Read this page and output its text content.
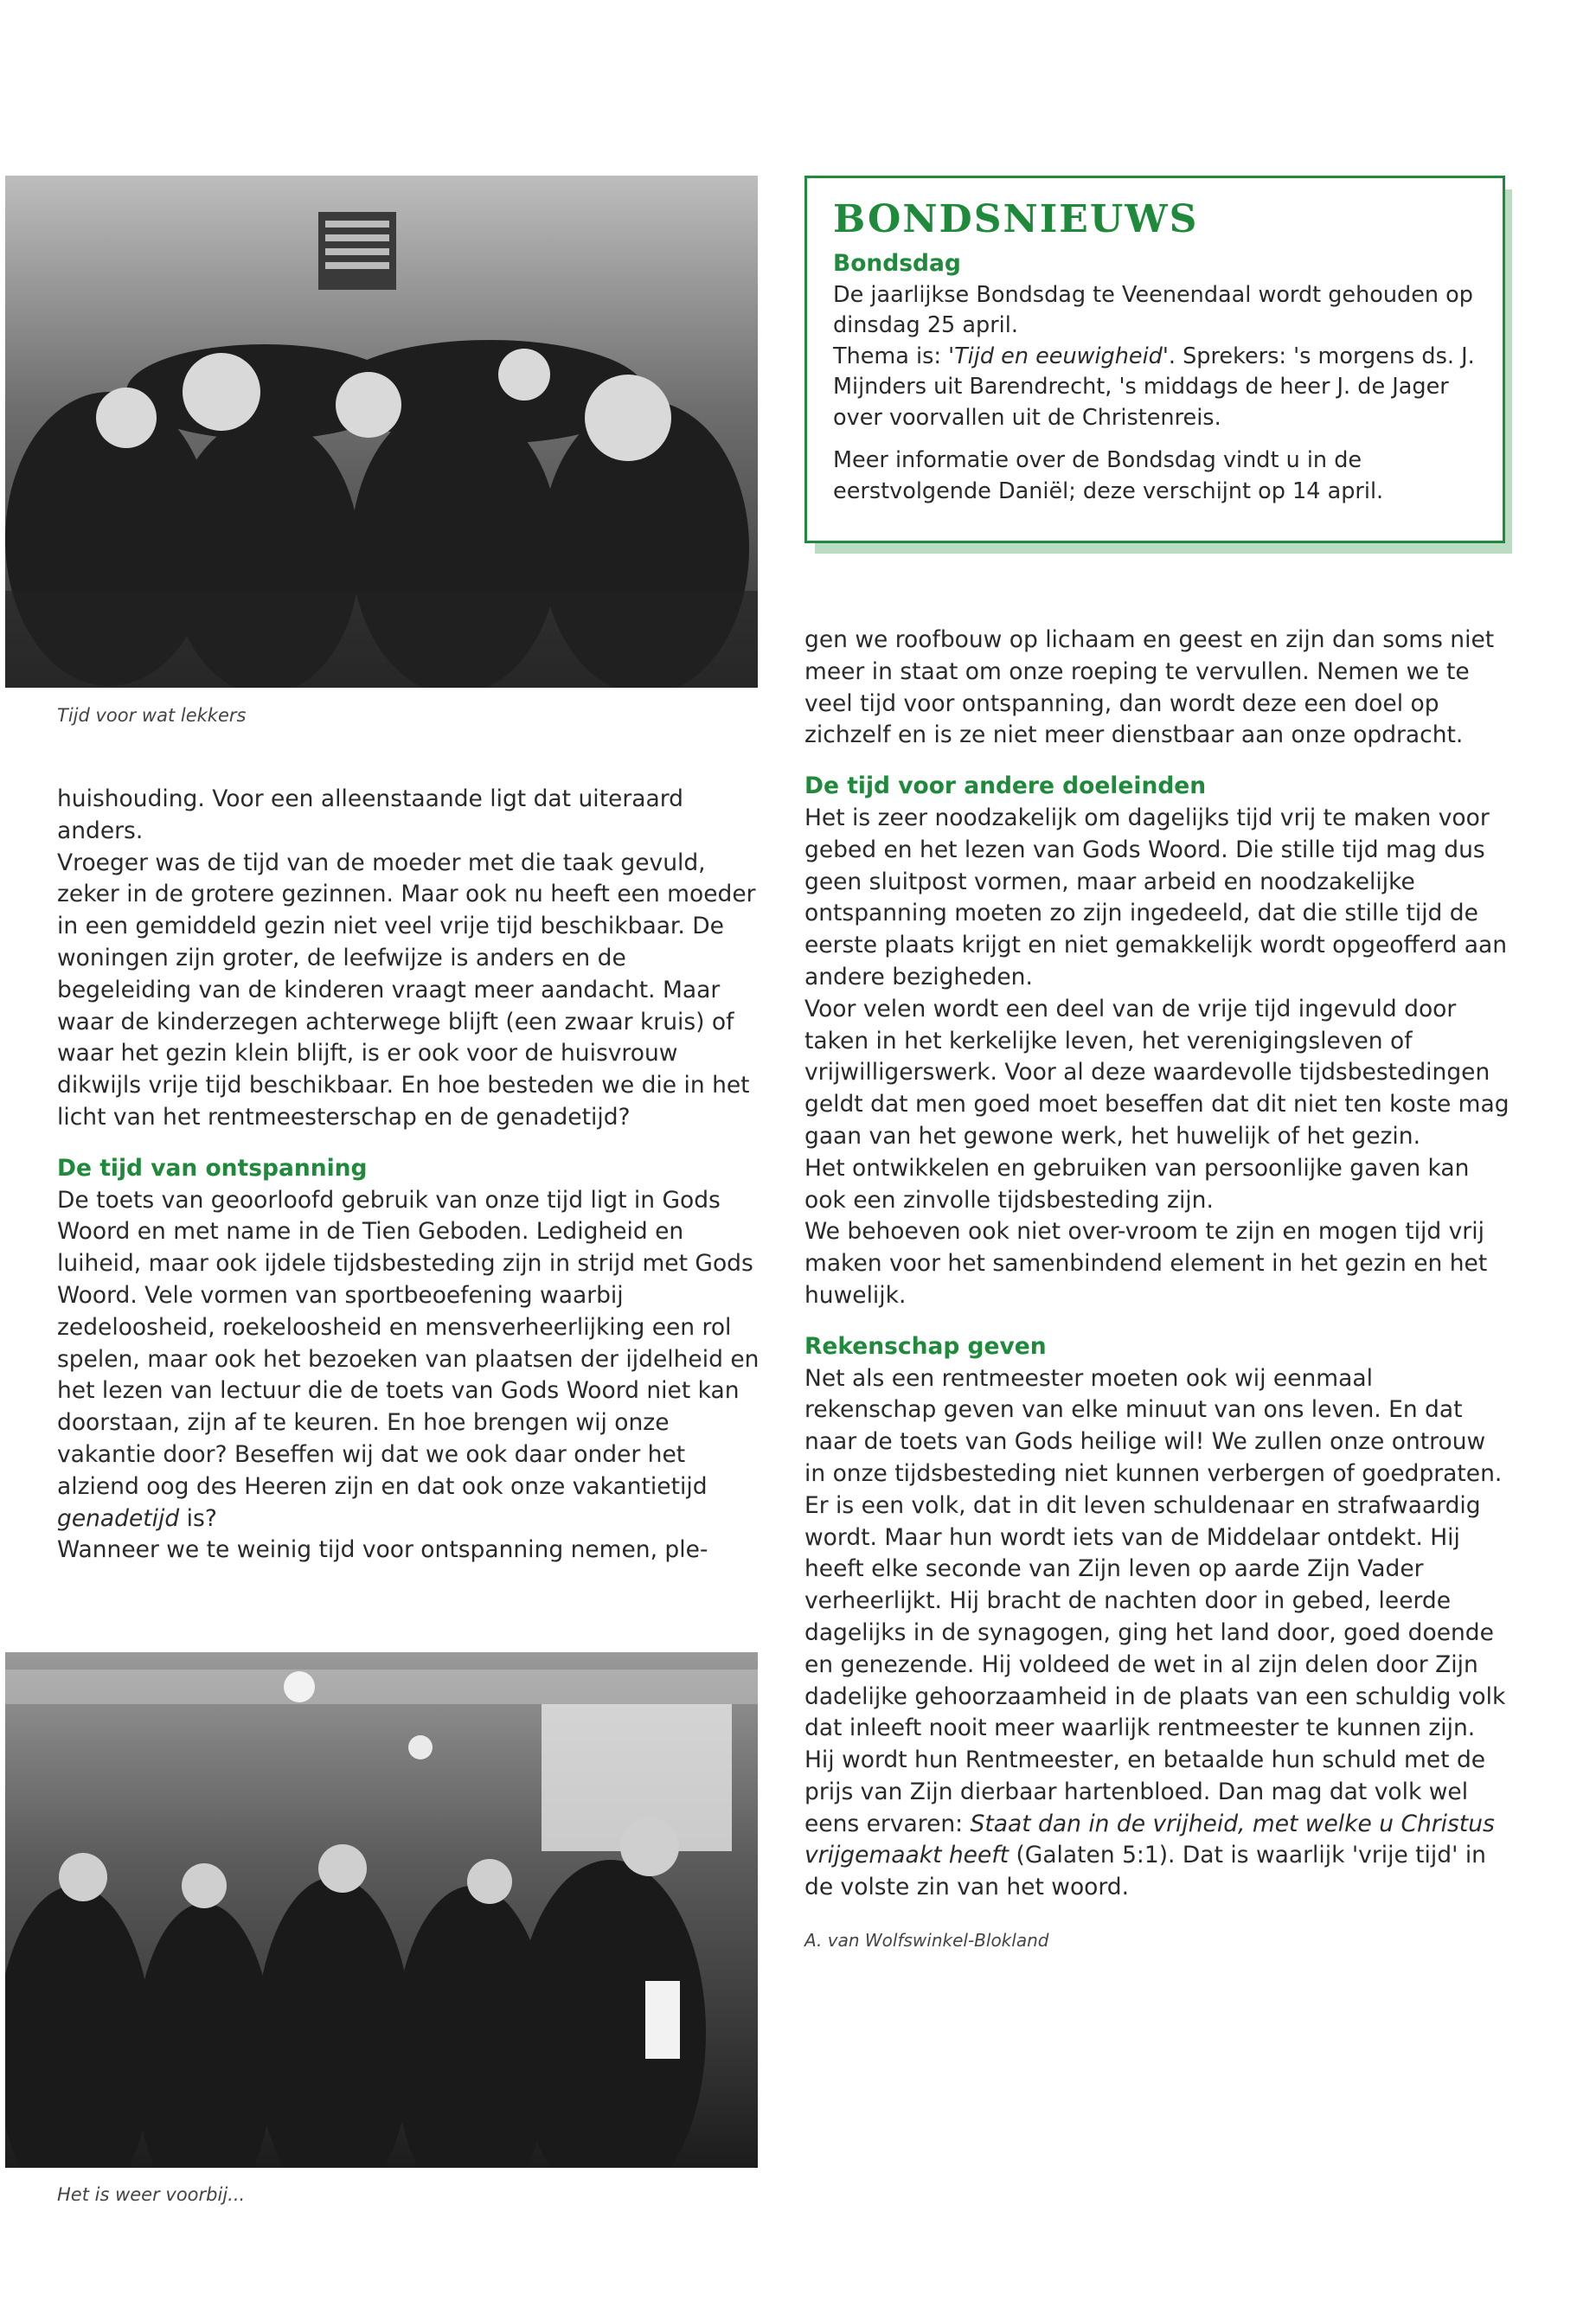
Tijd voor wat lekkers
BONDSNIEUWS
Bondsdag

De jaarlijkse Bondsdag te Veenendaal wordt gehouden op dinsdag 25 april.

Thema is: 'Tijd en eeuwigheid'. Sprekers: 's morgens ds. J. Mijnders uit Barendrecht, 's middags de heer J. de Jager over voorvallen uit de Christenreis.

Meer informatie over de Bondsdag vindt u in de eerstvolgende Daniël; deze verschijnt op 14 april.

huishouding. Voor een alleenstaande ligt dat uiteraard anders.

Vroeger was de tijd van de moeder met die taak gevuld, zeker in de grotere gezinnen. Maar ook nu heeft een moeder in een gemiddeld gezin niet veel vrije tijd beschikbaar. De woningen zijn groter, de leefwijze is anders en de begeleiding van de kinderen vraagt meer aandacht. Maar waar de kinderzegen achterwege blijft (een zwaar kruis) of waar het gezin klein blijft, is er ook voor de huisvrouw dikwijls vrije tijd beschikbaar. En hoe besteden we die in het licht van het rentmeesterschap en de genadetijd?

De tijd van ontspanning

De toets van geoorloofd gebruik van onze tijd ligt in Gods Woord en met name in de Tien Geboden. Ledigheid en luiheid, maar ook ijdele tijdsbesteding zijn in strijd met Gods Woord. Vele vormen van sportbeoefening waarbij zedeloosheid, roekeloosheid en mensverheerlijking een rol spelen, maar ook het bezoeken van plaatsen der ijdelheid en het lezen van lectuur die de toets van Gods Woord niet kan doorstaan, zijn af te keuren. En hoe brengen wij onze vakantie door? Beseffen wij dat we ook daar onder het alziend oog des Heeren zijn en dat ook onze vakantietijd genadetijd is?

Wanneer we te weinig tijd voor ontspanning nemen, ple-

Het is weer voorbij...

gen we roofbouw op lichaam en geest en zijn dan soms niet meer in staat om onze roeping te vervullen. Nemen we te veel tijd voor ontspanning, dan wordt deze een doel op zichzelf en is ze niet meer dienstbaar aan onze opdracht.

De tijd voor andere doeleinden

Het is zeer noodzakelijk om dagelijks tijd vrij te maken voor gebed en het lezen van Gods Woord. Die stille tijd mag dus geen sluitpost vormen, maar arbeid en noodzakelijke ontspanning moeten zo zijn ingedeeld, dat die stille tijd de eerste plaats krijgt en niet gemakkelijk wordt opgeofferd aan andere bezigheden.

Voor velen wordt een deel van de vrije tijd ingevuld door taken in het kerkelijke leven, het verenigingsleven of vrijwilligerswerk. Voor al deze waardevolle tijdsbestedingen geldt dat men goed moet beseffen dat dit niet ten koste mag gaan van het gewone werk, het huwelijk of het gezin.

Het ontwikkelen en gebruiken van persoonlijke gaven kan ook een zinvolle tijdsbesteding zijn.

We behoeven ook niet over-vroom te zijn en mogen tijd vrij maken voor het samenbindend element in het gezin en het huwelijk.

Rekenschap geven

Net als een rentmeester moeten ook wij eenmaal rekenschap geven van elke minuut van ons leven. En dat naar de toets van Gods heilige wil! We zullen onze ontrouw in onze tijdsbesteding niet kunnen verbergen of goedpraten. Er is een volk, dat in dit leven schuldenaar en strafwaardig wordt. Maar hun wordt iets van de Middelaar ontdekt. Hij heeft elke seconde van Zijn leven op aarde Zijn Vader verheerlijkt. Hij bracht de nachten door in gebed, leerde dagelijks in de synagogen, ging het land door, goed doende en genezende. Hij voldeed de wet in al zijn delen door Zijn dadelijke gehoorzaamheid in de plaats van een schuldig volk dat inleeft nooit meer waarlijk rentmeester te kunnen zijn. Hij wordt hun Rentmeester, en betaalde hun schuld met de prijs van Zijn dierbaar hartenbloed. Dan mag dat volk wel eens ervaren: Staat dan in de vrijheid, met welke u Christus vrijgemaakt heeft (Galaten 5:1). Dat is waarlijk 'vrije tijd' in de volste zin van het woord.

A. van Wolfswinkel-Blokland
